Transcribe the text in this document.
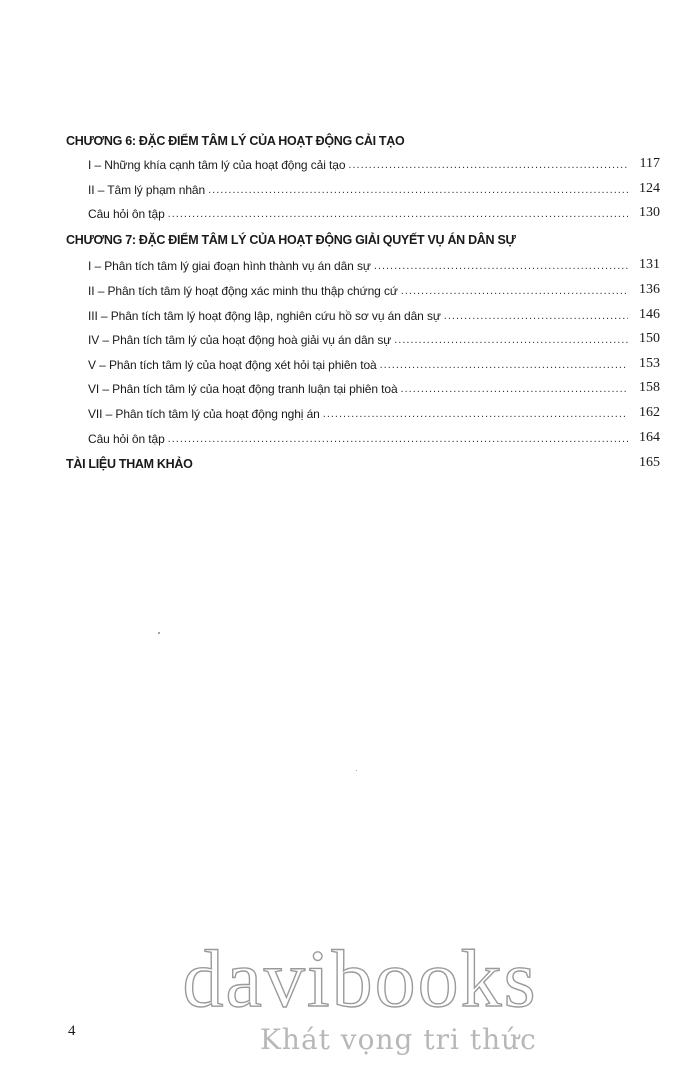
CHƯƠNG 6: ĐẶC ĐIỂM TÂM LÝ CỦA HOẠT ĐỘNG CẢI TẠO
I – Những khía cạnh tâm lý của hoạt động cải tạo .....	117
II – Tâm lý phạm nhân .....	124
Câu hỏi ôn tập .....	130
CHƯƠNG 7: ĐẶC ĐIỂM TÂM LÝ CỦA HOẠT ĐỘNG GIẢI QUYẾT VỤ ÁN DÂN SỰ
I – Phân tích tâm lý giai đoạn hình thành vụ án dân sự .....	131
II – Phân tích tâm lý hoạt động xác minh thu thập chứng cứ .....	136
III – Phân tích tâm lý hoạt động lập, nghiên cứu hồ sơ vụ án dân sự .....	146
IV – Phân tích tâm lý của hoạt động hoà giải vụ án dân sự .....	150
V – Phân tích tâm lý của hoạt động xét hỏi tại phiên toà .....	153
VI – Phân tích tâm lý của hoạt động tranh luận tại phiên toà .....	158
VII – Phân tích tâm lý của hoạt động nghị án .....	162
Câu hỏi ôn tập .....	164
TÀI LIỆU THAM KHẢO	165
4
davibooks
Khát vọng tri thức
